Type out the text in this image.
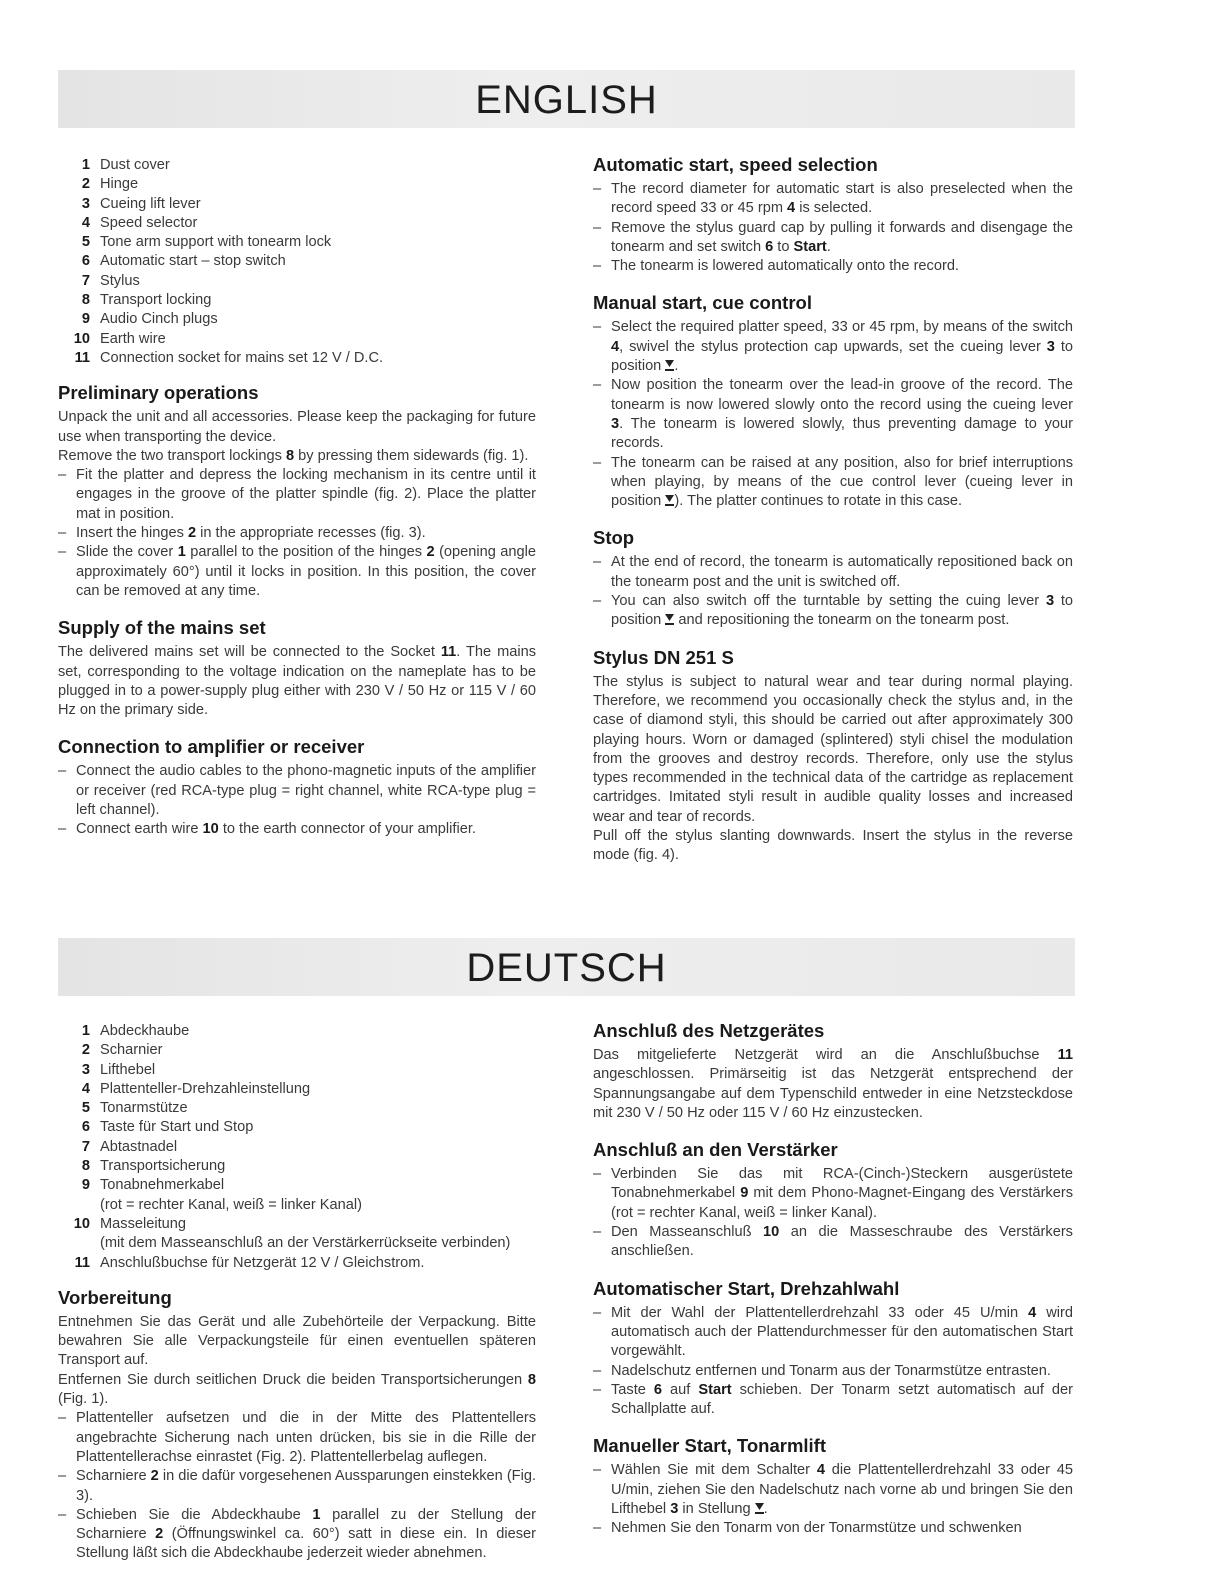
ENGLISH
1 Dust cover
2 Hinge
3 Cueing lift lever
4 Speed selector
5 Tone arm support with tonearm lock
6 Automatic start – stop switch
7 Stylus
8 Transport locking
9 Audio Cinch plugs
10 Earth wire
11 Connection socket for mains set 12 V / D.C.
Preliminary operations

Unpack the unit and all accessories. Please keep the packaging for future use when transporting the device.

Remove the two transport lockings 8 by pressing them sidewards (fig. 1).

– Fit the platter and depress the locking mechanism in its centre until it engages in the groove of the platter spindle (fig. 2). Place the platter mat in position.
– Insert the hinges 2 in the appropriate recesses (fig. 3).
– Slide the cover 1 parallel to the position of the hinges 2 (opening angle approximately 60°) until it locks in position. In this position, the cover can be removed at any time.
Supply of the mains set

The delivered mains set will be connected to the Socket 11. The mains set, corresponding to the voltage indication on the nameplate has to be plugged in to a power-supply plug either with 230 V / 50 Hz or 115 V / 60 Hz on the primary side.

Connection to amplifier or receiver
– Connect the audio cables to the phono-magnetic inputs of the amplifier or receiver (red RCA-type plug = right channel, white RCA-type plug = left channel).
– Connect earth wire 10 to the earth connector of your amplifier.
Automatic start, speed selection
– The record diameter for automatic start is also preselected when the record speed 33 or 45 rpm 4 is selected.
– Remove the stylus guard cap by pulling it forwards and disengage the tonearm and set switch 6 to Start.
– The tonearm is lowered automatically onto the record.
Manual start, cue control
– Select the required platter speed, 33 or 45 rpm, by means of the switch 4, swivel the stylus protection cap upwards, set the cueing lever 3 to position .
– Now position the tonearm over the lead-in groove of the record. The tonearm is now lowered slowly onto the record using the cueing lever 3. The tonearm is lowered slowly, thus preventing damage to your records.
– The tonearm can be raised at any position, also for brief interruptions when playing, by means of the cue control lever (cueing lever in position ). The platter continues to rotate in this case.
Stop
– At the end of record, the tonearm is automatically repositioned back on the tonearm post and the unit is switched off.
– You can also switch off the turntable by setting the cuing lever 3 to position  and repositioning the tonearm on the tonearm post.
Stylus DN 251 S

The stylus is subject to natural wear and tear during normal playing. Therefore, we recommend you occasionally check the stylus and, in the case of diamond styli, this should be carried out after approximately 300 playing hours. Worn or damaged (splintered) styli chisel the modulation from the grooves and destroy records. Therefore, only use the stylus types recommended in the technical data of the cartridge as replacement cartridges. Imitated styli result in audible quality losses and increased wear and tear of records.

Pull off the stylus slanting downwards. Insert the stylus in the reverse mode (fig. 4).

DEUTSCH
1 Abdeckhaube
2 Scharnier
3 Lifthebel
4 Plattenteller-Drehzahleinstellung
5 Tonarmstütze
6 Taste für Start und Stop
7 Abtastnadel
8 Transportsicherung
9 Tonabnehmerkabel
(rot = rechter Kanal, weiß = linker Kanal)
10 Masseleitung
(mit dem Masseanschluß an der Verstärkerrückseite verbinden)
11 Anschlußbuchse für Netzgerät 12 V / Gleichstrom.
Vorbereitung

Entnehmen Sie das Gerät und alle Zubehörteile der Verpackung. Bitte bewahren Sie alle Verpackungsteile für einen eventuellen späteren Transport auf.

Entfernen Sie durch seitlichen Druck die beiden Transportsicherungen 8 (Fig. 1).

– Plattenteller aufsetzen und die in der Mitte des Plattentellers angebrachte Sicherung nach unten drücken, bis sie in die Rille der Plattentellerachse einrastet (Fig. 2). Plattentellerbelag auflegen.
– Scharniere 2 in die dafür vorgesehenen Aussparungen einstekken (Fig. 3).
– Schieben Sie die Abdeckhaube 1 parallel zu der Stellung der Scharniere 2 (Öffnungswinkel ca. 60°) satt in diese ein. In dieser Stellung läßt sich die Abdeckhaube jederzeit wieder abnehmen.
Anschluß des Netzgerätes

Das mitgelieferte Netzgerät wird an die Anschlußbuchse 11 angeschlossen. Primärseitig ist das Netzgerät entsprechend der Spannungsangabe auf dem Typenschild entweder in eine Netzsteckdose mit 230 V / 50 Hz oder 115 V / 60 Hz einzustecken.

Anschluß an den Verstärker
– Verbinden Sie das mit RCA-(Cinch-)Steckern ausgerüstete Tonabnehmerkabel 9 mit dem Phono-Magnet-Eingang des Verstärkers (rot = rechter Kanal, weiß = linker Kanal).
– Den Masseanschluß 10 an die Masseschraube des Verstärkers anschließen.
Automatischer Start, Drehzahlwahl
– Mit der Wahl der Plattentellerdrehzahl 33 oder 45 U/min 4 wird automatisch auch der Plattendurchmesser für den automatischen Start vorgewählt.
– Nadelschutz entfernen und Tonarm aus der Tonarmstütze entrasten.
– Taste 6 auf Start schieben. Der Tonarm setzt automatisch auf der Schallplatte auf.
Manueller Start, Tonarmlift
– Wählen Sie mit dem Schalter 4 die Plattentellerdrehzahl 33 oder 45 U/min, ziehen Sie den Nadelschutz nach vorne ab und bringen Sie den Lifthebel 3 in Stellung .
– Nehmen Sie den Tonarm von der Tonarmstütze und schwenken
